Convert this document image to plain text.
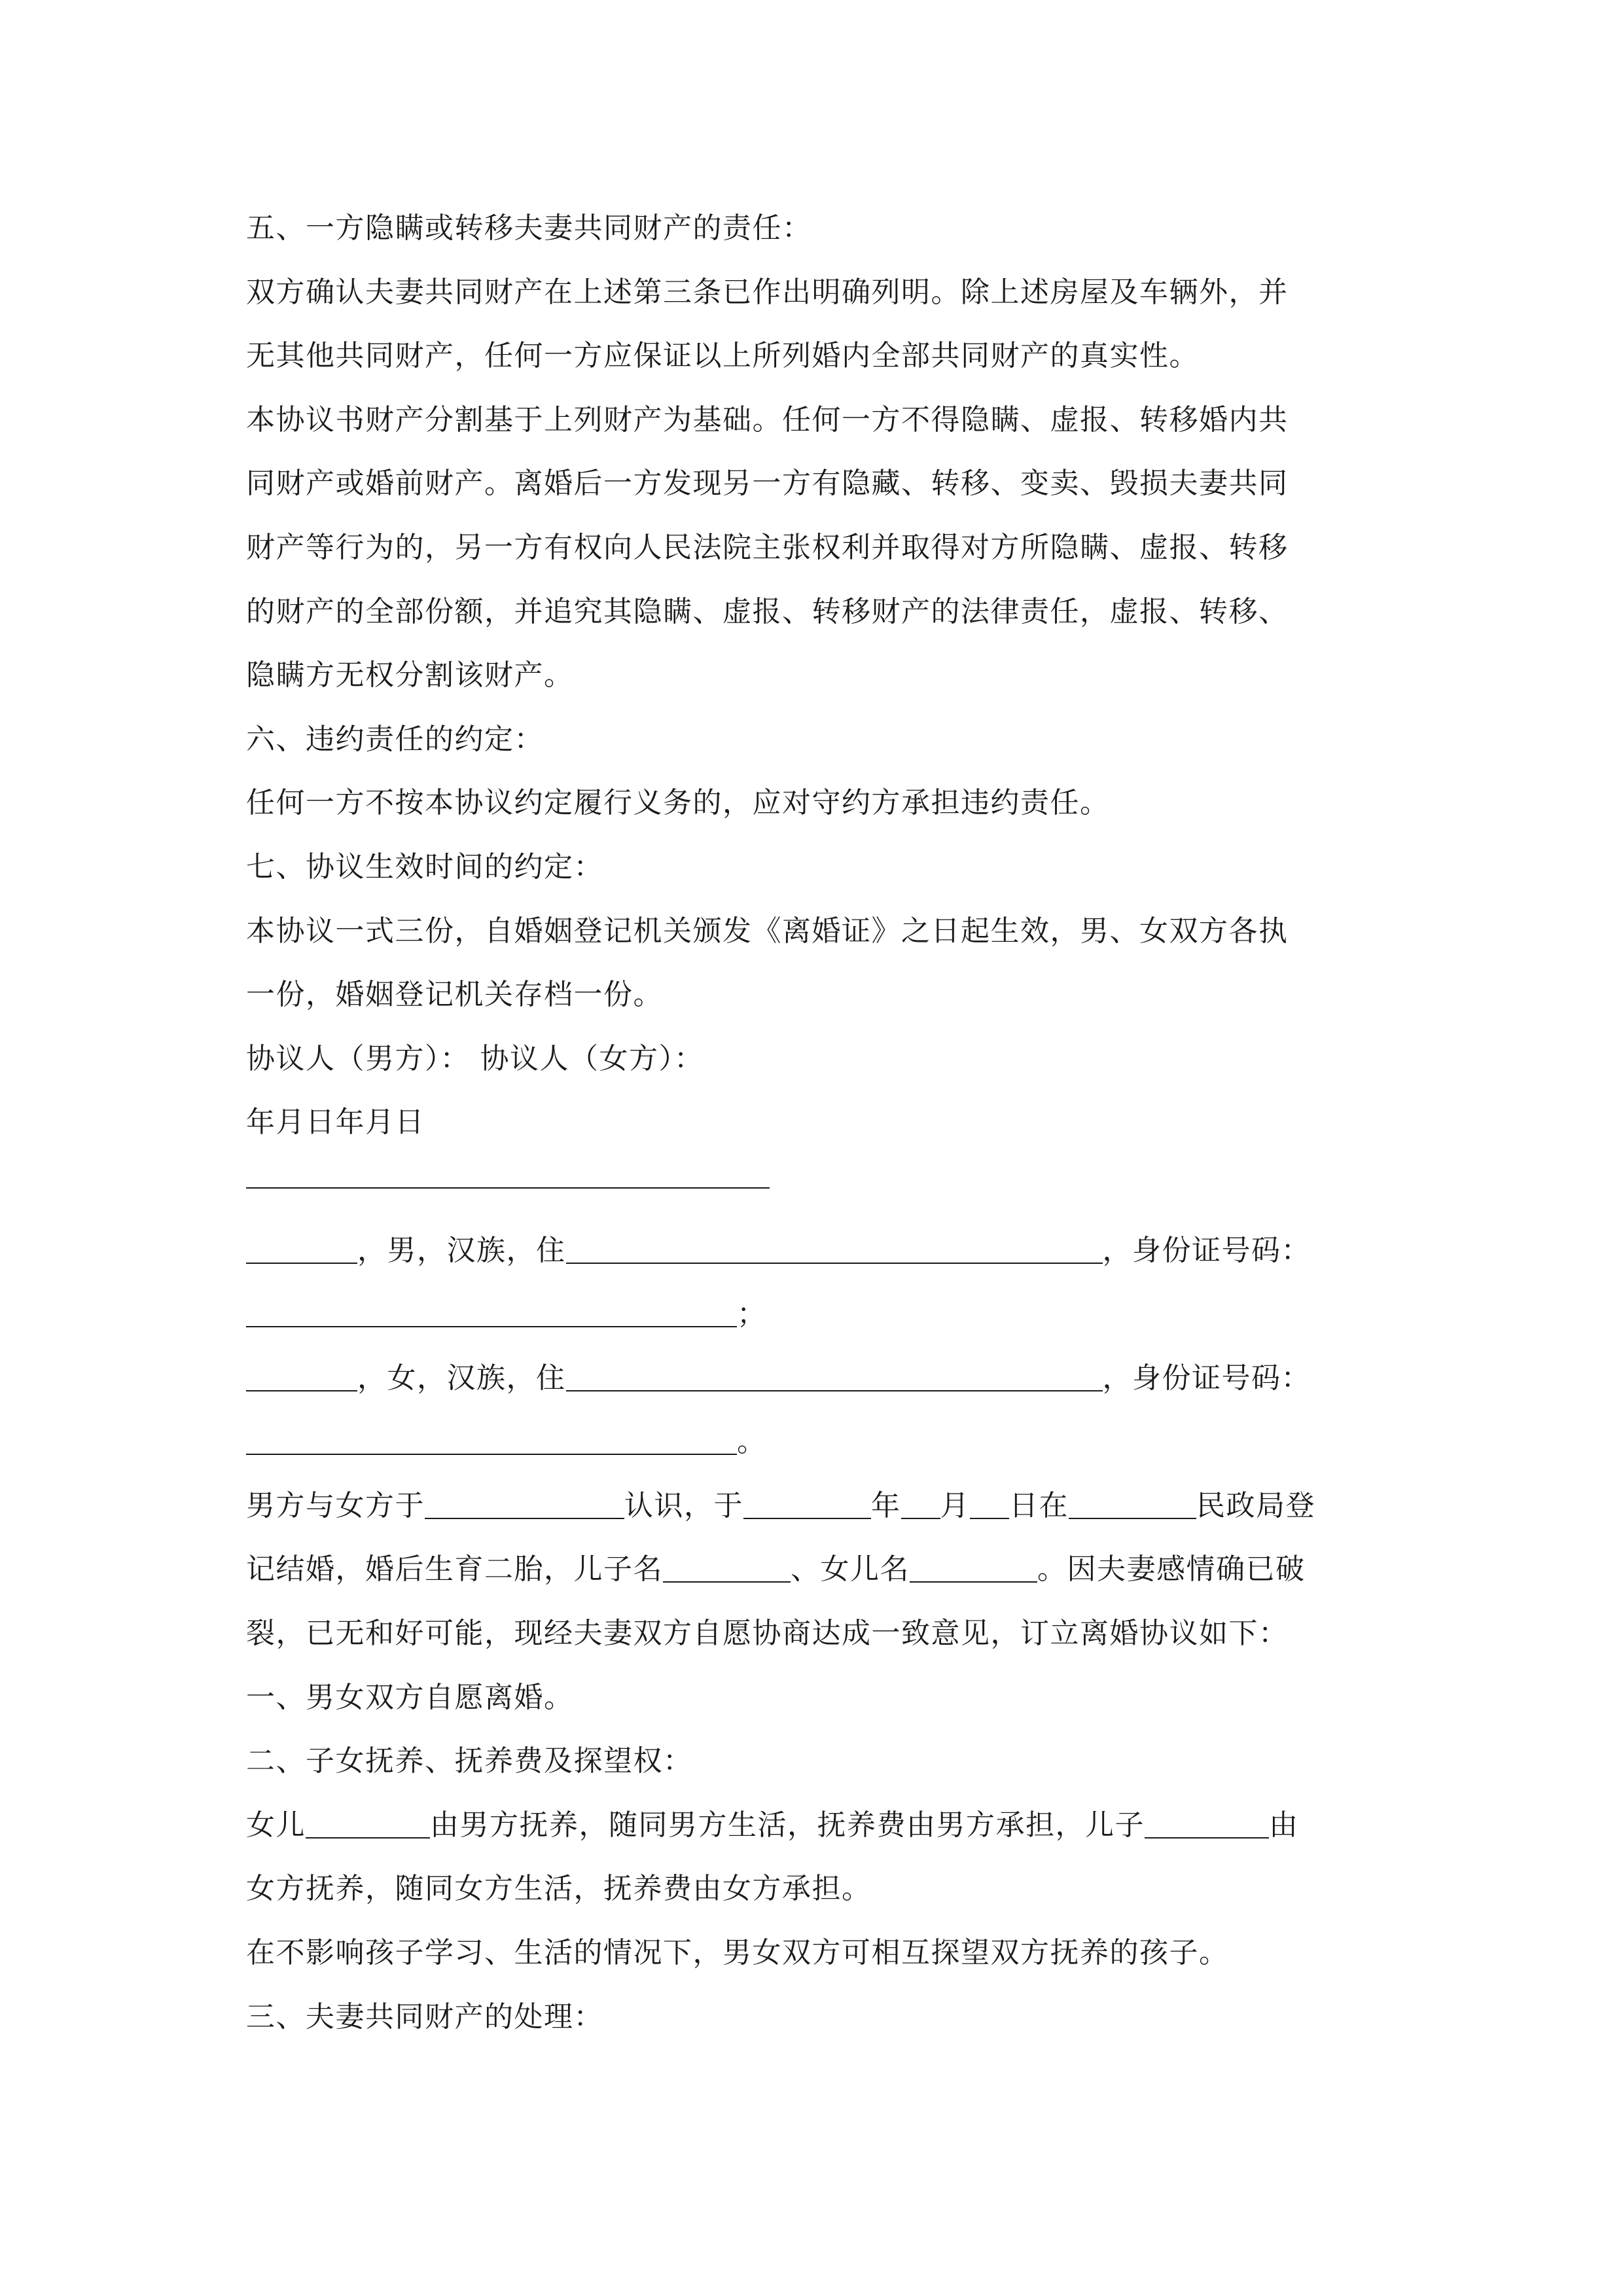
五、一方隐瞒或转移夫妻共同财产的责任：
双方确认夫妻共同财产在上述第三条已作出明确列明。除上述房屋及车辆外，并
无其他共同财产，任何一方应保证以上所列婚内全部共同财产的真实性。
本协议书财产分割基于上列财产为基础。任何一方不得隐瞒、虚报、转移婚内共
同财产或婚前财产。离婚后一方发现另一方有隐藏、转移、变卖、毁损夫妻共同
财产等行为的，另一方有权向人民法院主张权利并取得对方所隐瞒、虚报、转移
的财产的全部份额，并追究其隐瞒、虚报、转移财产的法律责任，虚报、转移、
隐瞒方无权分割该财产。
六、违约责任的约定：
任何一方不按本协议约定履行义务的，应对守约方承担违约责任。
七、协议生效时间的约定：
本协议一式三份，自婚姻登记机关颁发《离婚证》之日起生效，男、女双方各执
一份，婚姻登记机关存档一份。
协议人（男方）： 协议人（女方）：
年月日年月日
，男，汉族，住	，身份证号码：
；
，女，汉族，住	，身份证号码：
。
男方与女方于	认识，于	年 月 日在	民政局登
记结婚，婚后生育二胎，儿子名	、女儿名	。因夫妻感情确已破
裂，已无和好可能，现经夫妻双方自愿协商达成一致意见，订立离婚协议如下：
一、男女双方自愿离婚。
二、子女抚养、抚养费及探望权：
女儿	由男方抚养，随同男方生活，抚养费由男方承担，儿子	由
女方抚养，随同女方生活，抚养费由女方承担。
在不影响孩子学习、生活的情况下，男女双方可相互探望双方抚养的孩子。
三、夫妻共同财产的处理：
